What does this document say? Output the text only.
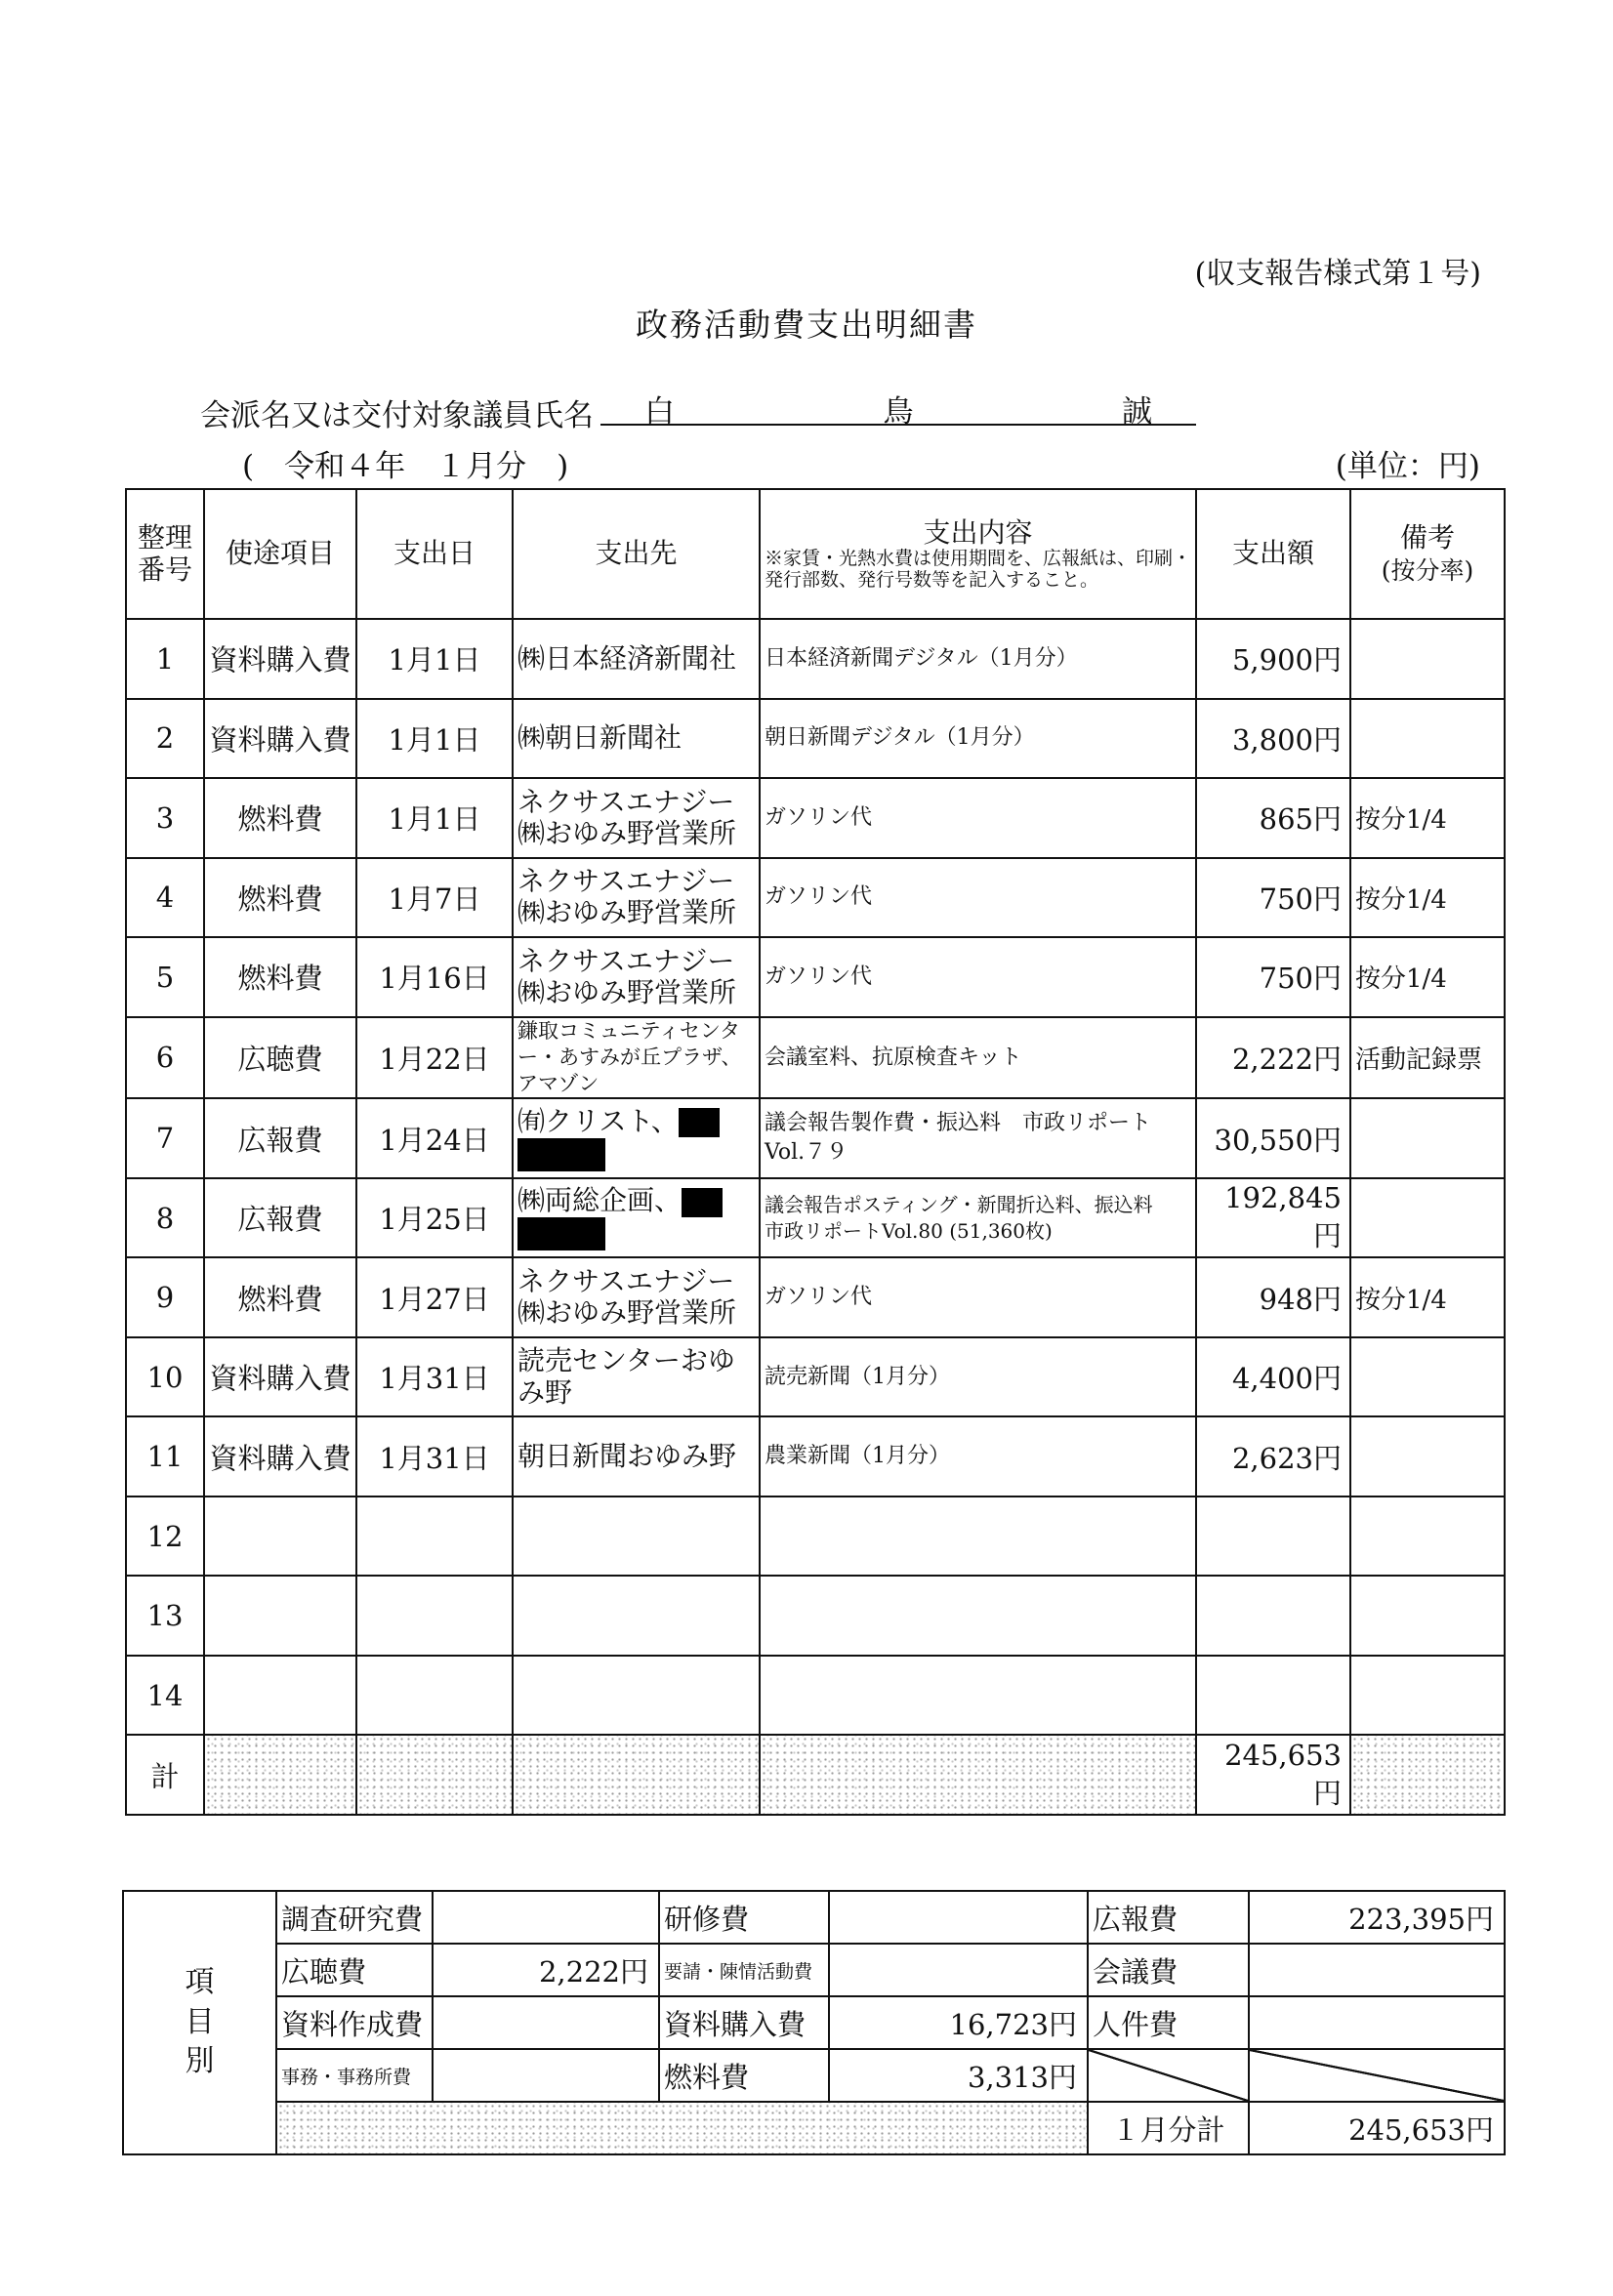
(収支報告様式第１号)
政務活動費支出明細書
会派名又は交付対象議員氏名 白	鳥	誠
(　令和４年　１月分　)	(単位：円)
整理番号	使途項目	支出日	支出先	支出内容
※家賃・光熱水費は使用期間を、広報紙は、印刷・発行部数、発行号数等を記入すること。	支出額	備考
(按分率)
1	資料購入費	1月1日	㈱日本経済新聞社	日本経済新聞デジタル（1月分）	5,900円	
2	資料購入費	1月1日	㈱朝日新聞社	朝日新聞デジタル（1月分）	3,800円	
3	燃料費	1月1日	ネクサスエナジー㈱おゆみ野営業所	ガソリン代	865円	按分1/4
4	燃料費	1月7日	ネクサスエナジー㈱おゆみ野営業所	ガソリン代	750円	按分1/4
5	燃料費	1月16日	ネクサスエナジー㈱おゆみ野営業所	ガソリン代	750円	按分1/4
6	広聴費	1月22日	鎌取コミュニティセンター・あすみが丘プラザ、アマゾン	会議室料、抗原検査キット	2,222円	活動記録票
7	広報費	1月24日	㈲クリスト、	議会報告製作費・振込料　市政リポートVol.７９	30,550円	
8	広報費	1月25日	㈱両総企画、	議会報告ポスティング・新聞折込料、振込料　市政リポートVol.80 (51,360枚)	192,845円	
9	燃料費	1月27日	ネクサスエナジー㈱おゆみ野営業所	ガソリン代	948円	按分1/4
10	資料購入費	1月31日	読売センターおゆみ野	読売新聞（1月分）	4,400円	
11	資料購入費	1月31日	朝日新聞おゆみ野	農業新聞（1月分）	2,623円	
12						
13						
14						
計					245,653円	
項目別	調査研究費		研修費		広報費	223,395円
	広聴費	2,222円	要請・陳情活動費		会議費	
	資料作成費		資料購入費	16,723円	人件費	
	事務・事務所費		燃料費	3,313円		
					１月分計	245,653円
